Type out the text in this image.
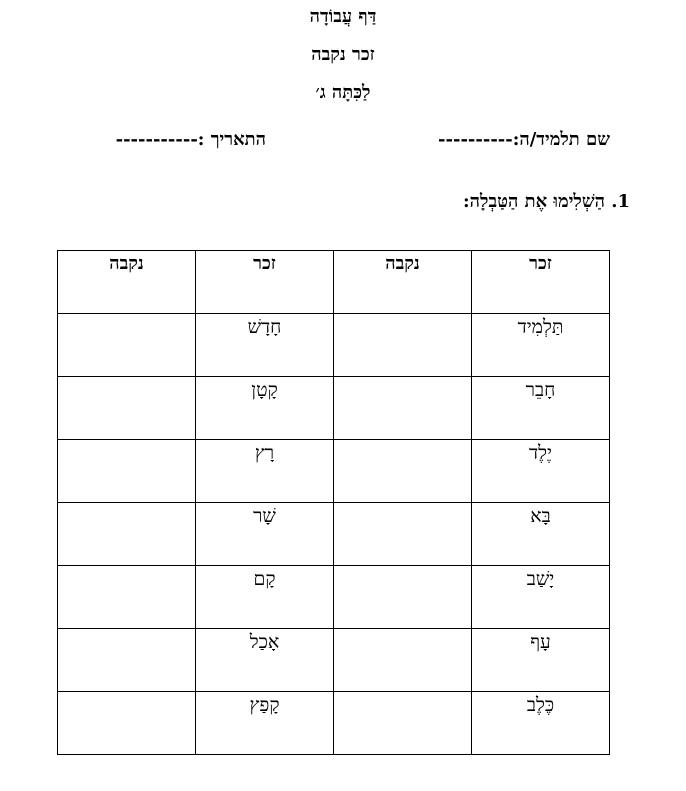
דַּף עֲבוֹדָה
זכר נקבה
לַכִּתָּה ג׳
שם תלמיד/ה:----------
התאריך :-----------
1. הַשְׁלִימוּ אֶת הַטַּבְלָה:
זכר	נקבה	זכר	נקבה
תַּלְמִיד		חָדָשׁ	
חָבֵר		קָטָן	
יֶלֶד		רָץ	
בָּא		שָׁר	
יָשַׁב		קָם	
עָף		אָכַל	
כֶּלֶב		קָפַץ	
